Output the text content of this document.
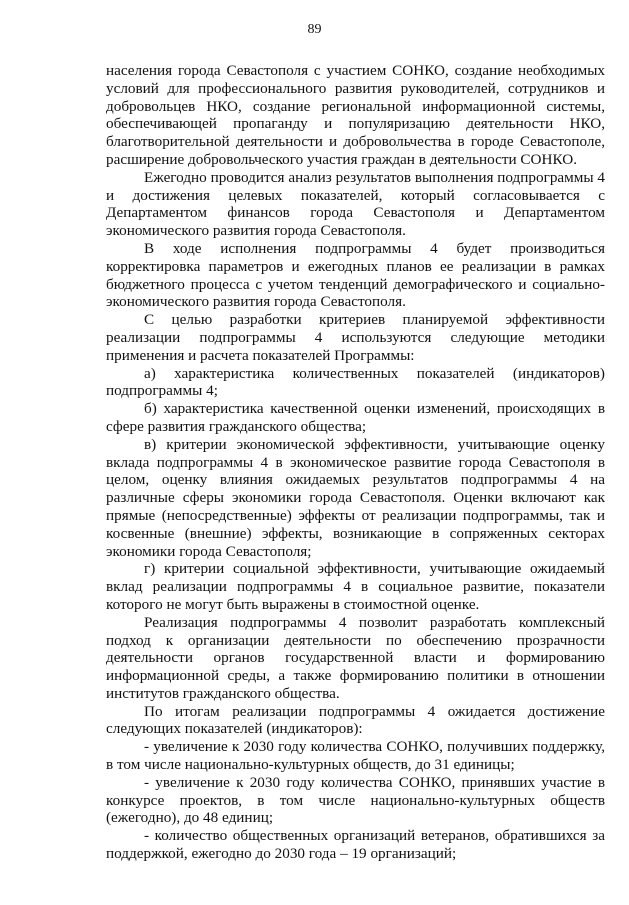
89

населения города Севастополя с участием СОНКО, создание необходимых условий для профессионального развития руководителей, сотрудников и добровольцев НКО, создание региональной информационной системы, обеспечивающей пропаганду и популяризацию деятельности НКО, благотворительной деятельности и добровольчества в городе Севастополе, расширение добровольческого участия граждан в деятельности СОНКО.

Ежегодно проводится анализ результатов выполнения подпрограммы 4 и достижения целевых показателей, который согласовывается с Департаментом финансов города Севастополя и Департаментом экономического развития города Севастополя.

В ходе исполнения подпрограммы 4 будет производиться корректировка параметров и ежегодных планов ее реализации в рамках бюджетного процесса с учетом тенденций демографического и социально-экономического развития города Севастополя.

С целью разработки критериев планируемой эффективности реализации подпрограммы 4 используются следующие методики применения и расчета показателей Программы:

а) характеристика количественных показателей (индикаторов) подпрограммы 4;

б) характеристика качественной оценки изменений, происходящих в сфере развития гражданского общества;

в) критерии экономической эффективности, учитывающие оценку вклада подпрограммы 4 в экономическое развитие города Севастополя в целом, оценку влияния ожидаемых результатов подпрограммы 4 на различные сферы экономики города Севастополя. Оценки включают как прямые (непосредственные) эффекты от реализации подпрограммы, так и косвенные (внешние) эффекты, возникающие в сопряженных секторах экономики города Севастополя;

г) критерии социальной эффективности, учитывающие ожидаемый вклад реализации подпрограммы 4 в социальное развитие, показатели которого не могут быть выражены в стоимостной оценке.

Реализация подпрограммы 4 позволит разработать комплексный подход к организации деятельности по обеспечению прозрачности деятельности органов государственной власти и формированию информационной среды, а также формированию политики в отношении институтов гражданского общества.

По итогам реализации подпрограммы 4 ожидается достижение следующих показателей (индикаторов):

- увеличение к 2030 году количества СОНКО, получивших поддержку, в том числе национально-культурных обществ, до 31 единицы;

- увеличение к 2030 году количества СОНКО, принявших участие в конкурсе проектов, в том числе национально-культурных обществ (ежегодно), до 48 единиц;

- количество общественных организаций ветеранов, обратившихся за поддержкой, ежегодно до 2030 года – 19 организаций;
